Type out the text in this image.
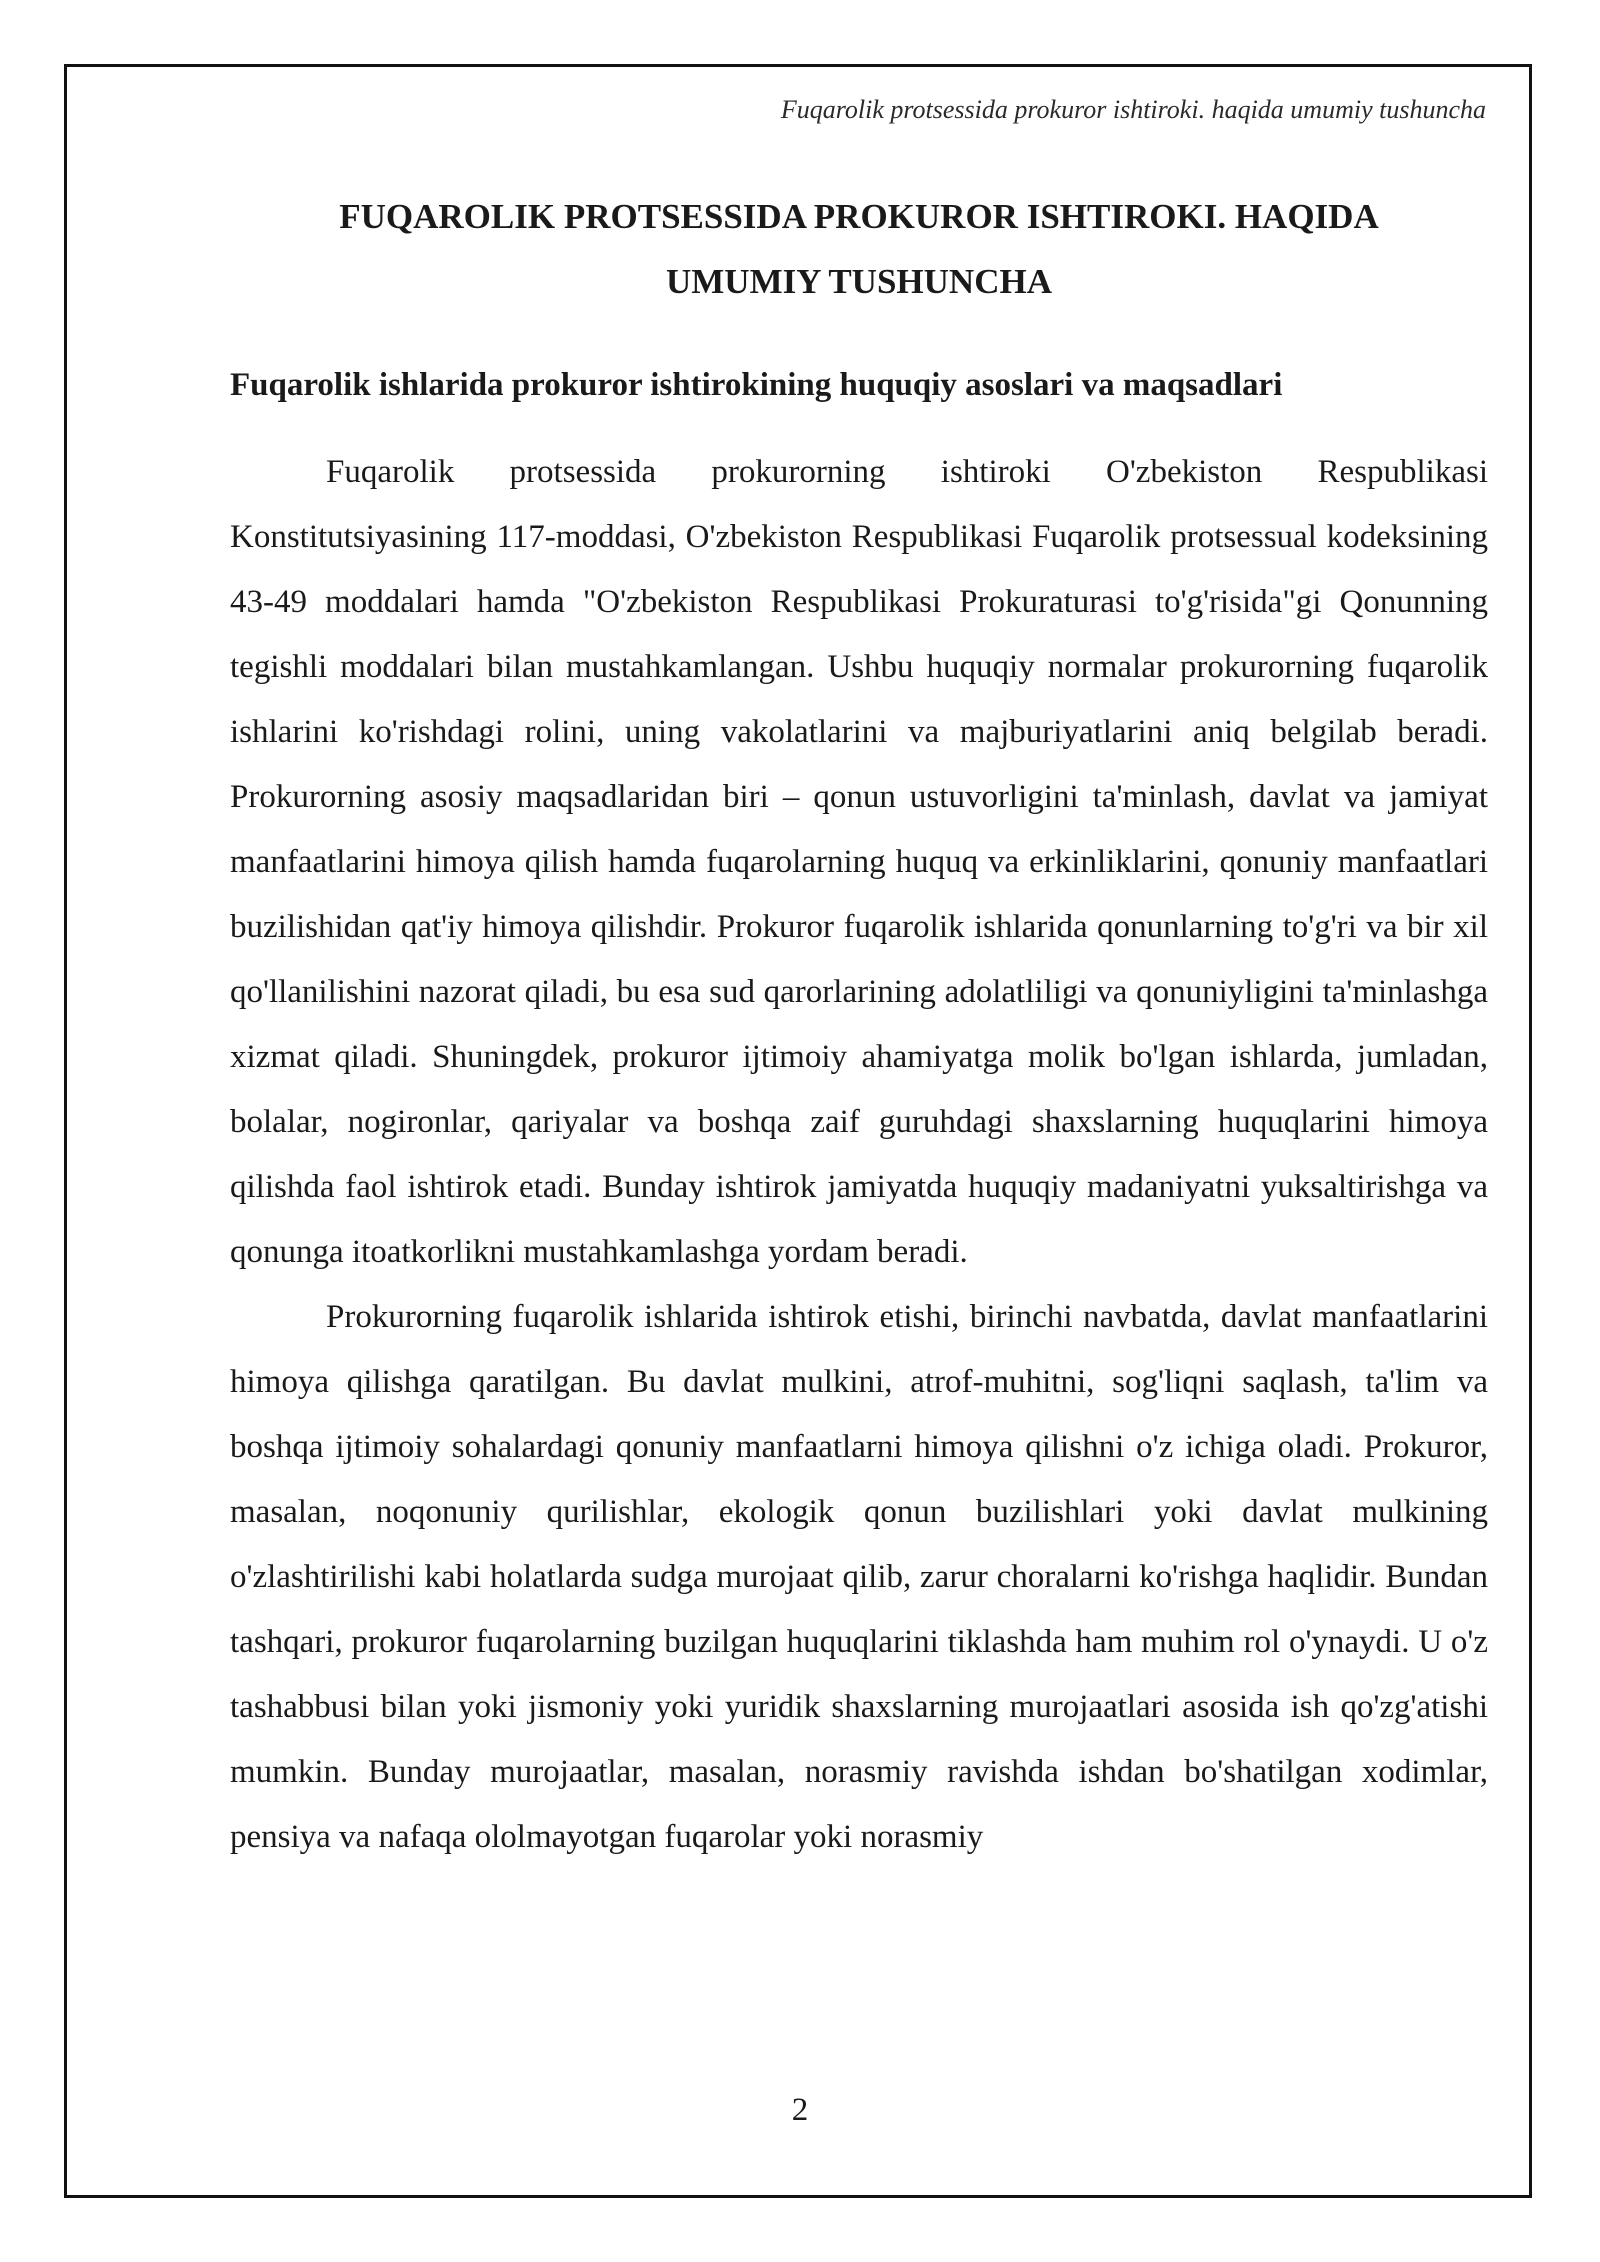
Fuqarolik protsessida prokuror ishtiroki. haqida umumiy tushuncha
FUQAROLIK PROTSESSIDA PROKUROR ISHTIROKI. HAQIDA
UMUMIY TUSHUNCHA
Fuqarolik ishlarida prokuror ishtirokining huquqiy asoslari va maqsadlari

Fuqarolik protsessida prokurorning ishtiroki O'zbekiston Respublikasi Konstitutsiyasining 117-moddasi, O'zbekiston Respublikasi Fuqarolik protsessual kodeksining 43-49 moddalari hamda "O'zbekiston Respublikasi Prokuraturasi to'g'risida"gi Qonunning tegishli moddalari bilan mustahkamlangan. Ushbu huquqiy normalar prokurorning fuqarolik ishlarini ko'rishdagi rolini, uning vakolatlarini va majburiyatlarini aniq belgilab beradi. Prokurorning asosiy maqsadlaridan biri – qonun ustuvorligini ta'minlash, davlat va jamiyat manfaatlarini himoya qilish hamda fuqarolarning huquq va erkinliklarini, qonuniy manfaatlari buzilishidan qat'iy himoya qilishdir. Prokuror fuqarolik ishlarida qonunlarning to'g'ri va bir xil qo'llanilishini nazorat qiladi, bu esa sud qarorlarining adolatliligi va qonuniyligini ta'minlashga xizmat qiladi. Shuningdek, prokuror ijtimoiy ahamiyatga molik bo'lgan ishlarda, jumladan, bolalar, nogironlar, qariyalar va boshqa zaif guruhdagi shaxslarning huquqlarini himoya qilishda faol ishtirok etadi. Bunday ishtirok jamiyatda huquqiy madaniyatni yuksaltirishga va qonunga itoatkorlikni mustahkamlashga yordam beradi.

Prokurorning fuqarolik ishlarida ishtirok etishi, birinchi navbatda, davlat manfaatlarini himoya qilishga qaratilgan. Bu davlat mulkini, atrof-muhitni, sog'liqni saqlash, ta'lim va boshqa ijtimoiy sohalardagi qonuniy manfaatlarni himoya qilishni o'z ichiga oladi. Prokuror, masalan, noqonuniy qurilishlar, ekologik qonun buzilishlari yoki davlat mulkining o'zlashtirilishi kabi holatlarda sudga murojaat qilib, zarur choralarni ko'rishga haqlidir. Bundan tashqari, prokuror fuqarolarning buzilgan huquqlarini tiklashda ham muhim rol o'ynaydi. U o'z tashabbusi bilan yoki jismoniy yoki yuridik shaxslarning murojaatlari asosida ish qo'zg'atishi mumkin. Bunday murojaatlar, masalan, norasmiy ravishda ishdan bo'shatilgan xodimlar, pensiya va nafaqa ololmayotgan fuqarolar yoki norasmiy

2
